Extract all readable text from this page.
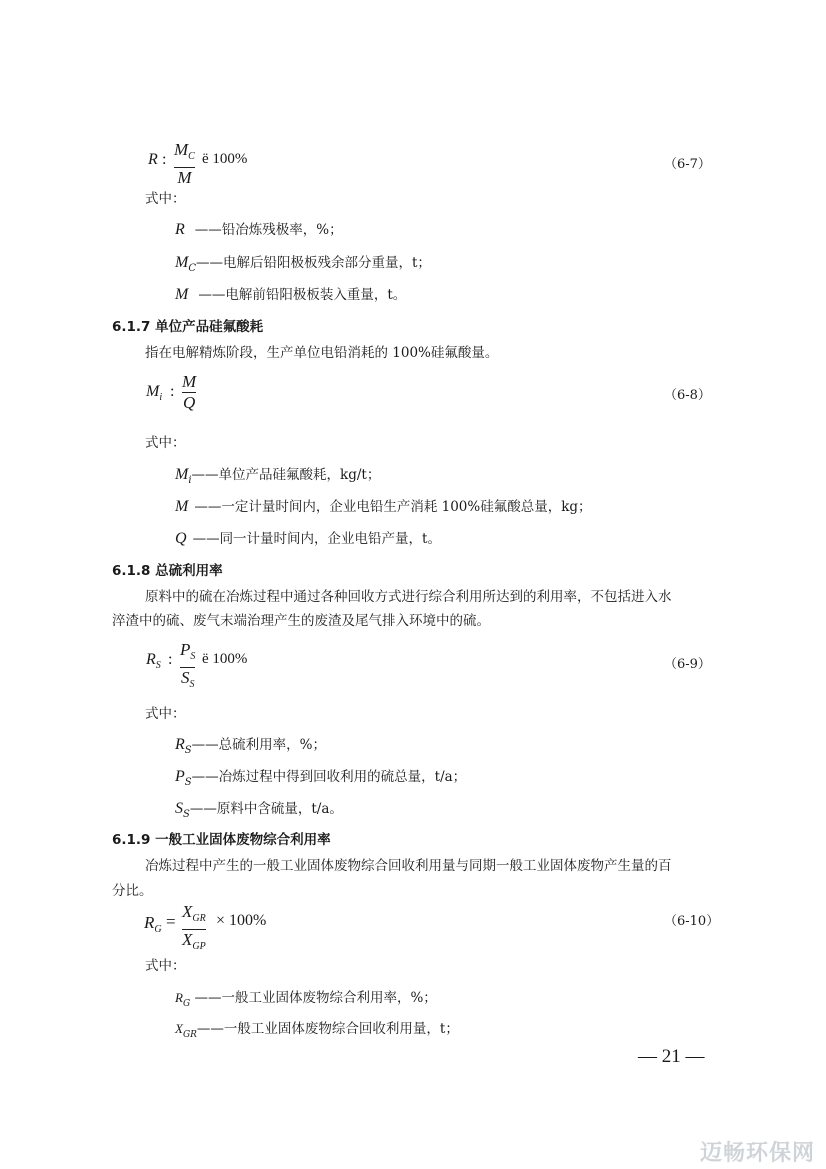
R :
$M_C$
M
ë 100%	（6-7）
式中：
R ——铅冶炼残极率，%；
$M_C——$电解后铅阳极板残余部分重量，t；
M ——电解前铅阳极板装入重量，t。
6.1.7 单位产品硅氟酸耗
指在电解精炼阶段，生产单位电铅消耗的 100%硅氟酸量。
$M_i$ :
M
Q	（6-8）
式中：
$M_i——$单位产品硅氟酸耗，kg/t；
M ——一定计量时间内，企业电铅生产消耗 100%硅氟酸总量，kg；
Q ——同一计量时间内，企业电铅产量，t。
6.1.8 总硫利用率
原料中的硫在冶炼过程中通过各种回收方式进行综合利用所达到的利用率，不包括进入水
淬渣中的硫、废气末端治理产生的废渣及尾气排入环境中的硫。
$R_S$ :
$P_S$
$S_S$
ë 100%	（6-9）
式中：
$R_S——$总硫利用率，%；
$P_S——$冶炼过程中得到回收利用的硫总量，t/a；
$S_S——$原料中含硫量，t/a。
6.1.9 一般工业固体废物综合利用率
冶炼过程中产生的一般工业固体废物综合回收利用量与同期一般工业固体废物产生量的百
分比。
$R_G$ =
$X_{GR}$
$X_{GP}$
× 100%	（6-10）
式中：
$R_G$ ——一般工业固体废物综合利用率，%；
$X_{GR}——$一般工业固体废物综合回收利用量，t；
— 21 —
迈畅环保网
